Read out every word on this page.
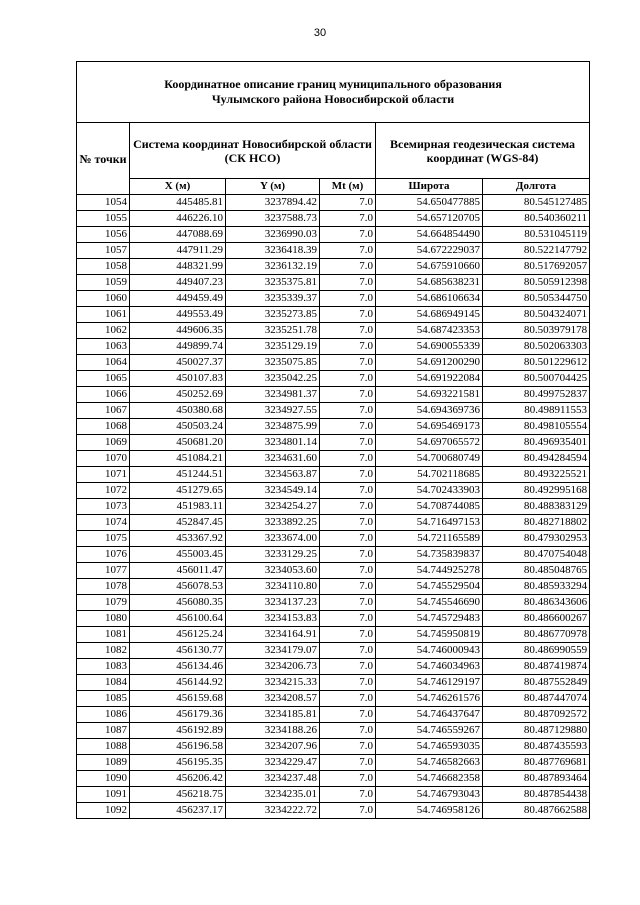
30
Координатное описание границ муниципального образования
Чулымского района Новосибирской области					

№ точки	Система координат Новосибирской области (СК НСО)			Всемирная геодезическая система координат (WGS-84)	
	X (м)	Y (м)	Mt (м)	Широта	Долгота
1054	445485.81	3237894.42	7.0	54.650477885	80.545127485
1055	446226.10	3237588.73	7.0	54.657120705	80.540360211
1056	447088.69	3236990.03	7.0	54.664854490	80.531045119
1057	447911.29	3236418.39	7.0	54.672229037	80.522147792
1058	448321.99	3236132.19	7.0	54.675910660	80.517692057
1059	449407.23	3235375.81	7.0	54.685638231	80.505912398
1060	449459.49	3235339.37	7.0	54.686106634	80.505344750
1061	449553.49	3235273.85	7.0	54.686949145	80.504324071
1062	449606.35	3235251.78	7.0	54.687423353	80.503979178
1063	449899.74	3235129.19	7.0	54.690055339	80.502063303
1064	450027.37	3235075.85	7.0	54.691200290	80.501229612
1065	450107.83	3235042.25	7.0	54.691922084	80.500704425
1066	450252.69	3234981.37	7.0	54.693221581	80.499752837
1067	450380.68	3234927.55	7.0	54.694369736	80.498911553
1068	450503.24	3234875.99	7.0	54.695469173	80.498105554
1069	450681.20	3234801.14	7.0	54.697065572	80.496935401
1070	451084.21	3234631.60	7.0	54.700680749	80.494284594
1071	451244.51	3234563.87	7.0	54.702118685	80.493225521
1072	451279.65	3234549.14	7.0	54.702433903	80.492995168
1073	451983.11	3234254.27	7.0	54.708744085	80.488383129
1074	452847.45	3233892.25	7.0	54.716497153	80.482718802
1075	453367.92	3233674.00	7.0	54.721165589	80.479302953
1076	455003.45	3233129.25	7.0	54.735839837	80.470754048
1077	456011.47	3234053.60	7.0	54.744925278	80.485048765
1078	456078.53	3234110.80	7.0	54.745529504	80.485933294
1079	456080.35	3234137.23	7.0	54.745546690	80.486343606
1080	456100.64	3234153.83	7.0	54.745729483	80.486600267
1081	456125.24	3234164.91	7.0	54.745950819	80.486770978
1082	456130.77	3234179.07	7.0	54.746000943	80.486990559
1083	456134.46	3234206.73	7.0	54.746034963	80.487419874
1084	456144.92	3234215.33	7.0	54.746129197	80.487552849
1085	456159.68	3234208.57	7.0	54.746261576	80.487447074
1086	456179.36	3234185.81	7.0	54.746437647	80.487092572
1087	456192.89	3234188.26	7.0	54.746559267	80.487129880
1088	456196.58	3234207.96	7.0	54.746593035	80.487435593
1089	456195.35	3234229.47	7.0	54.746582663	80.487769681
1090	456206.42	3234237.48	7.0	54.746682358	80.487893464
1091	456218.75	3234235.01	7.0	54.746793043	80.487854438
1092	456237.17	3234222.72	7.0	54.746958126	80.487662588
